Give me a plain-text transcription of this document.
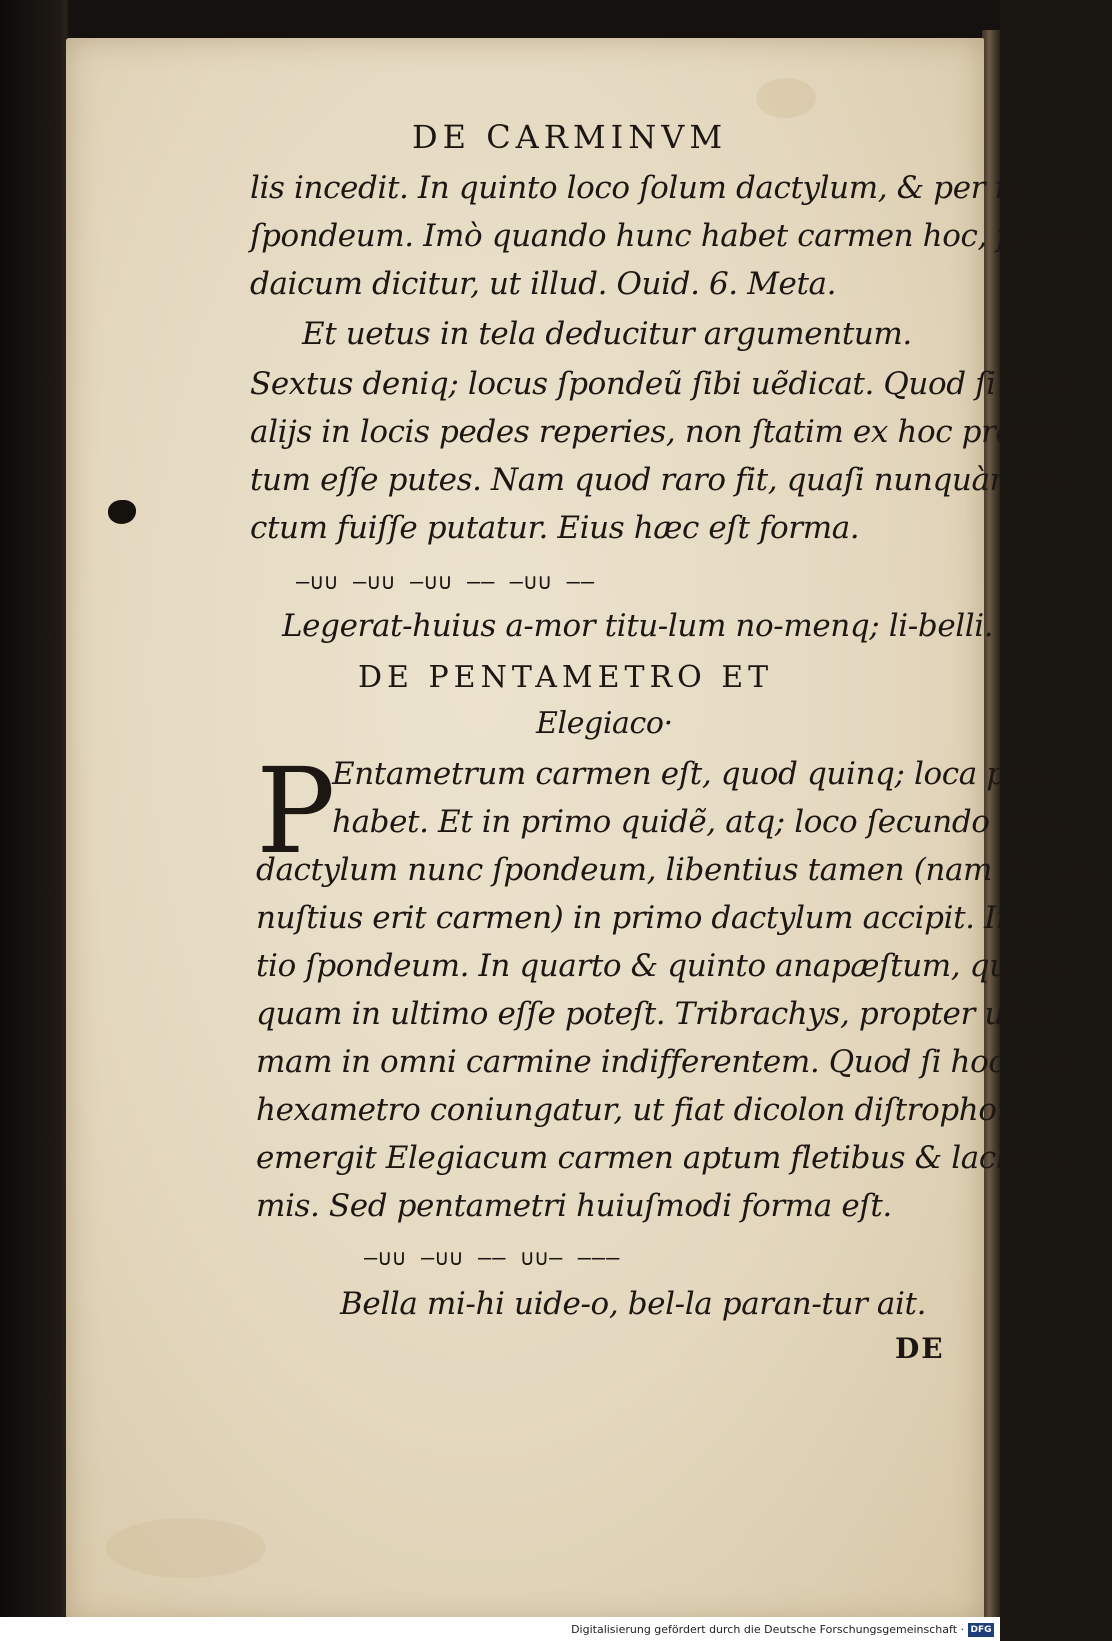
DE CARMINVM
lis incedit. In quinto loco ſolum dactylum, & per raro
ſpondeum. Imò quando hunc habet carmen hoc, ſpon=
daicum dicitur, ut illud. Ouid. 6. Meta.
Et uetus in tela deducitur argumentum.
Sextus deniq; locus ſpondeũ ſibi uẽdicat. Quod ſi alios
alijs in locis pedes reperies, non ſtatim ex hoc precep-
tum eſſe putes. Nam quod raro fit, quaſi nunquàm fa=
ctum fuiſſe putatur. Eius hæc eſt forma.
—∪∪ —∪∪ —∪∪ —— —∪∪ ——
Legerat-huius a-mor titu-lum no-menq; li-belli.
DE PENTAMETRO ET
Elegiaco·
P
Entametrum carmen eſt, quod quinq; loca pedũ
habet. Et in primo quidẽ, atq; loco ſecundo nunc
dactylum nunc ſpondeum, libentius tamen (nam ſic ue=
nuſtius erit carmen) in primo dactylum accipit. In ter
tio ſpondeum. In quarto & quinto anapæſtum, quan=
quam in ultimo eſſe poteſt. Tribrachys, propter ulti=
mam in omni carmine indifferentem. Quod ſi hoc cum
hexametro coniungatur, ut fiat dicolon diſtrophon,
emergit Elegiacum carmen aptum fletibus & lachry=
mis. Sed pentametri huiuſmodi forma eſt.
—∪∪ —∪∪ —— ∪∪— ———
Bella mi-hi uide-o, bel-la paran-tur ait.
DE
Digitalisierung gefördert durch die Deutsche Forschungsgemeinschaft · DFG
